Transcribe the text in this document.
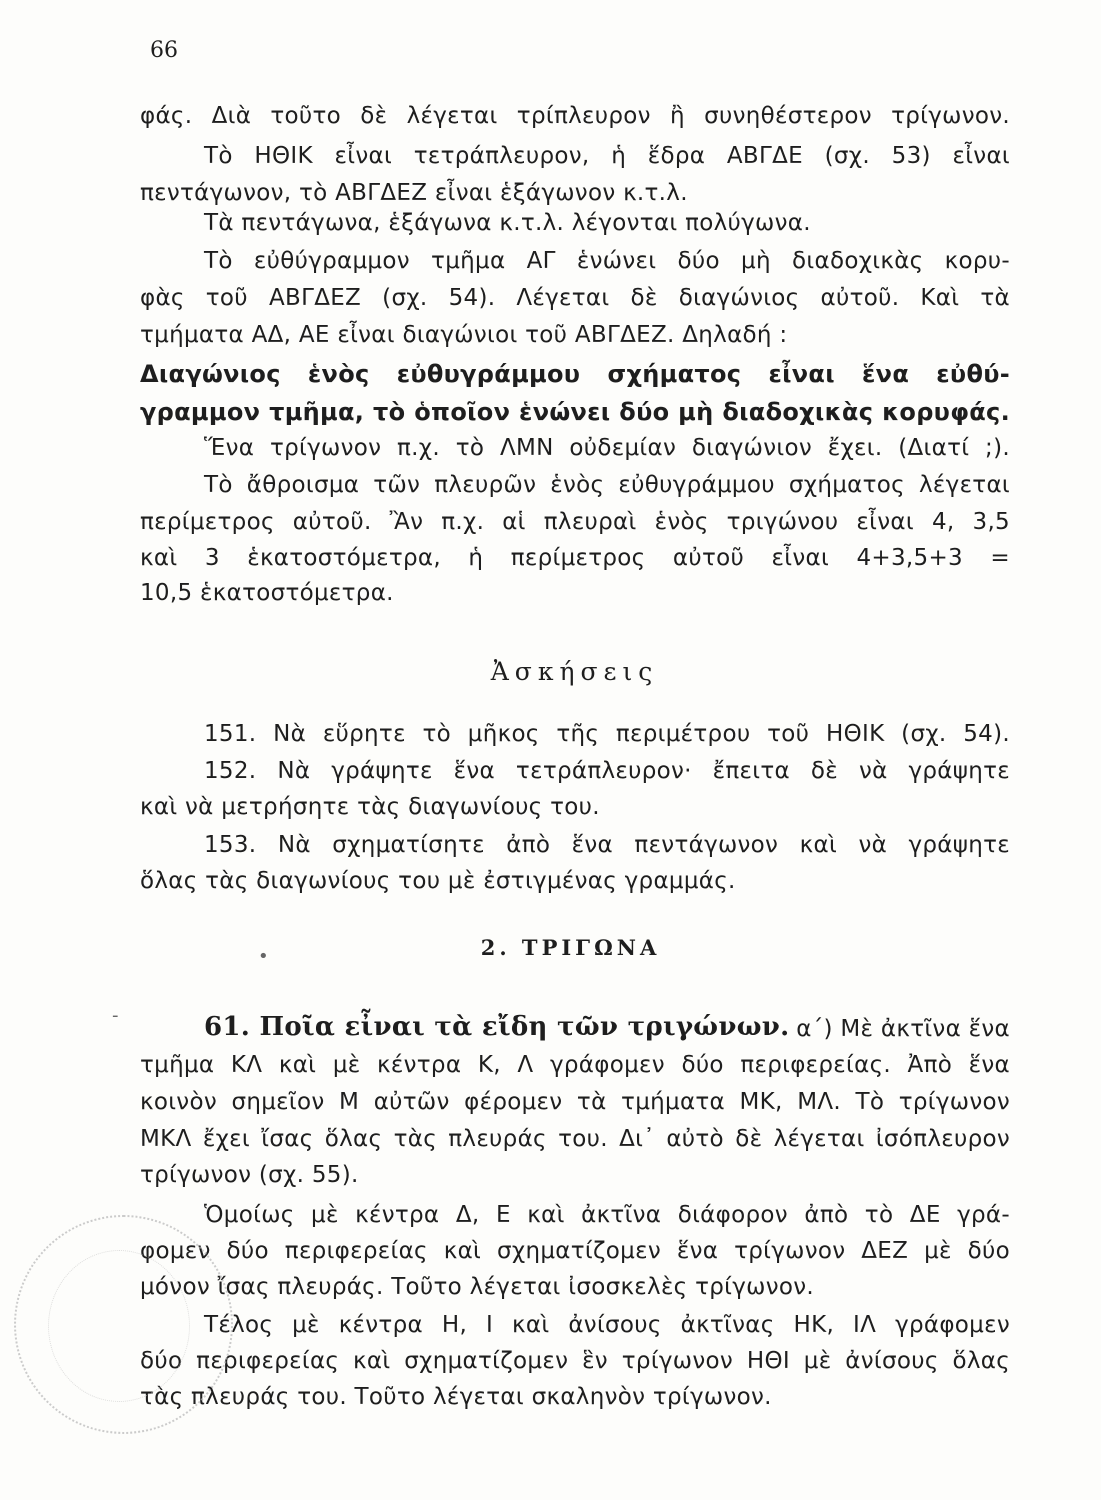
66
φάς. Διὰ τοῦτο δὲ λέγεται τρίπλευρον ἢ συνηθέστερον τρίγωνον.
Τὸ ΗΘΙΚ εἶναι τετράπλευρον, ἡ ἕδρα ΑΒΓΔΕ (σχ. 53) εἶναι
πεντάγωνον, τὸ ΑΒΓΔΕΖ εἶναι ἑξάγωνον κ.τ.λ.
Τὰ πεντάγωνα, ἑξάγωνα κ.τ.λ. λέγονται πολύγωνα.
Τὸ εὐθύγραμμον τμῆμα ΑΓ ἑνώνει δύο μὴ διαδοχικὰς κορυ-
φὰς τοῦ ΑΒΓΔΕΖ (σχ. 54). Λέγεται δὲ διαγώνιος αὐτοῦ. Καὶ τὰ
τμήματα ΑΔ, ΑΕ εἶναι διαγώνιοι τοῦ ΑΒΓΔΕΖ. Δηλαδή :
Διαγώνιος ἑνὸς εὐθυγράμμου σχήματος εἶναι ἕνα εὐθύ-
γραμμον τμῆμα, τὸ ὁποῖον ἑνώνει δύο μὴ διαδοχικὰς κορυφάς.
Ἕνα τρίγωνον π.χ. τὸ ΛΜΝ οὐδεμίαν διαγώνιον ἔχει. (Διατί ;).
Τὸ ἄθροισμα τῶν πλευρῶν ἑνὸς εὐθυγράμμου σχήματος λέγεται
περίμετρος αὐτοῦ. Ἂν π.χ. αἱ πλευραὶ ἑνὸς τριγώνου εἶναι 4, 3,5
καὶ 3 ἑκατοστόμετρα, ἡ περίμετρος αὐτοῦ εἶναι 4+3,5+3 =
10,5 ἑκατοστόμετρα.
Ἀσκήσεις
151. Νὰ εὕρητε τὸ μῆκος τῆς περιμέτρου τοῦ ΗΘΙΚ (σχ. 54).
152. Νὰ γράψητε ἕνα τετράπλευρον· ἔπειτα δὲ νὰ γράψητε
καὶ νὰ μετρήσητε τὰς διαγωνίους του.
153. Νὰ σχηματίσητε ἀπὸ ἕνα πεντάγωνον καὶ νὰ γράψητε
ὅλας τὰς διαγωνίους του μὲ ἐστιγμένας γραμμάς.
2. ΤΡΙΓΩΝΑ
61. Ποῖα εἶναι τὰ εἴδη τῶν τριγώνων. α΄) Μὲ ἀκτῖνα ἕνα
τμῆμα ΚΛ καὶ μὲ κέντρα Κ, Λ γράφομεν δύο περιφερείας. Ἀπὸ ἕνα
κοινὸν σημεῖον Μ αὐτῶν φέρομεν τὰ τμήματα ΜΚ, ΜΛ. Τὸ τρίγωνον
ΜΚΛ ἔχει ἴσας ὅλας τὰς πλευράς του. Δι᾿ αὐτὸ δὲ λέγεται ἰσόπλευρον
τρίγωνον (σχ. 55).
Ὁμοίως μὲ κέντρα Δ, Ε καὶ ἀκτῖνα διάφορον ἀπὸ τὸ ΔΕ γρά-
φομεν δύο περιφερείας καὶ σχηματίζομεν ἕνα τρίγωνον ΔΕΖ μὲ δύο
μόνον ἴσας πλευράς. Τοῦτο λέγεται ἰσοσκελὲς τρίγωνον.
Τέλος μὲ κέντρα Η, Ι καὶ ἀνίσους ἀκτῖνας ΗΚ, ΙΛ γράφομεν
δύο περιφερείας καὶ σχηματίζομεν ἓν τρίγωνον ΗΘΙ μὲ ἀνίσους ὅλας
τὰς πλευράς του. Τοῦτο λέγεται σκαληνὸν τρίγωνον.
-
•
